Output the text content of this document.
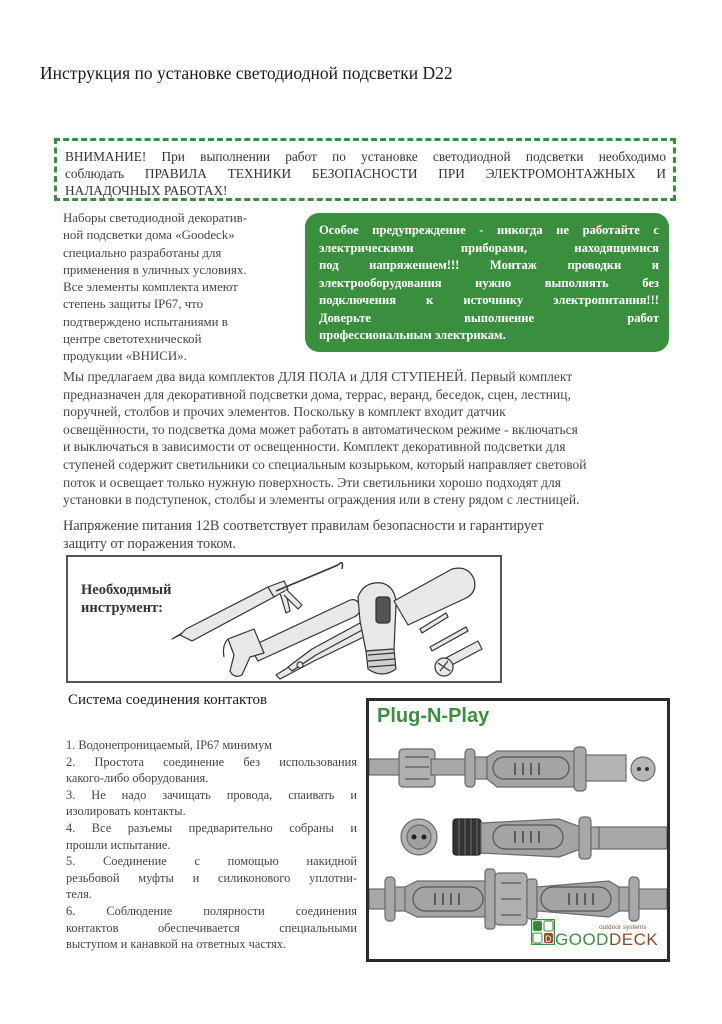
Инструкция по установке светодиодной подсветки D22
ВНИМАНИЕ! При выполнении работ по установке светодиодной подсветки необходимо
соблюдать ПРАВИЛА ТЕХНИКИ БЕЗОПАСНОСТИ ПРИ ЭЛЕКТРОМОНТАЖНЫХ И
НАЛАДОЧНЫХ РАБОТАХ!
Наборы светодиодной декоратив-
ной подсветки дома «Goodeck»
специально разработаны для
применения в уличных условиях.
Все элементы комплекта имеют
степень защиты IP67, что
подтверждено испытаниями в
центре светотехнической
продукции «ВНИСИ».
Особое предупреждение - никогда не работайте с
электрическими приборами, находящимися
под напряжением!!! Монтаж проводки и
электрооборудования нужно выполнять без
подключения к источнику электропитания!!!
Доверьте выполнение работ
профессиональным электрикам.
Мы предлагаем два вида комплектов ДЛЯ ПОЛА и ДЛЯ СТУПЕНЕЙ. Первый комплект
предназначен для декоративной подсветки дома, террас, веранд, беседок, сцен, лестниц,
поручней, столбов и прочих элементов. Поскольку в комплект входит датчик
освещённости, то подсветка дома может работать в автоматическом режиме - включаться
и выключаться в зависимости от освещенности. Комплект декоративной подсветки для
ступеней содержит светильники со специальным козырьком, который направляет световой
поток и освещает только нужную поверхность. Эти светильники хорошо подходят для
установки в подступенок, столбы и элементы ограждения или в стену рядом с лестницей.
Напряжение питания 12В соответствует правилам безопасности и гарантирует
защиту от поражения током.
Необходимый
инструмент:
Система соединения контактов
1. Водонепроницаемый, IP67 минимум
2. Простота соединение без использования
какого-либо оборудования.
3. Не надо зачищать провода, спаивать и
изолировать контакты.
4. Все разъемы предварительно собраны и
прошли испытание.
5. Соединение с помощью накидной
резьбовой муфты и силиконового уплотни-
теля.
6. Соблюдение полярности соединения
контактов обеспечивается специальными
выступом и канавкой на ответных частях.
Plug-N-Play
G
D
outdoor systems
GOODDECK
